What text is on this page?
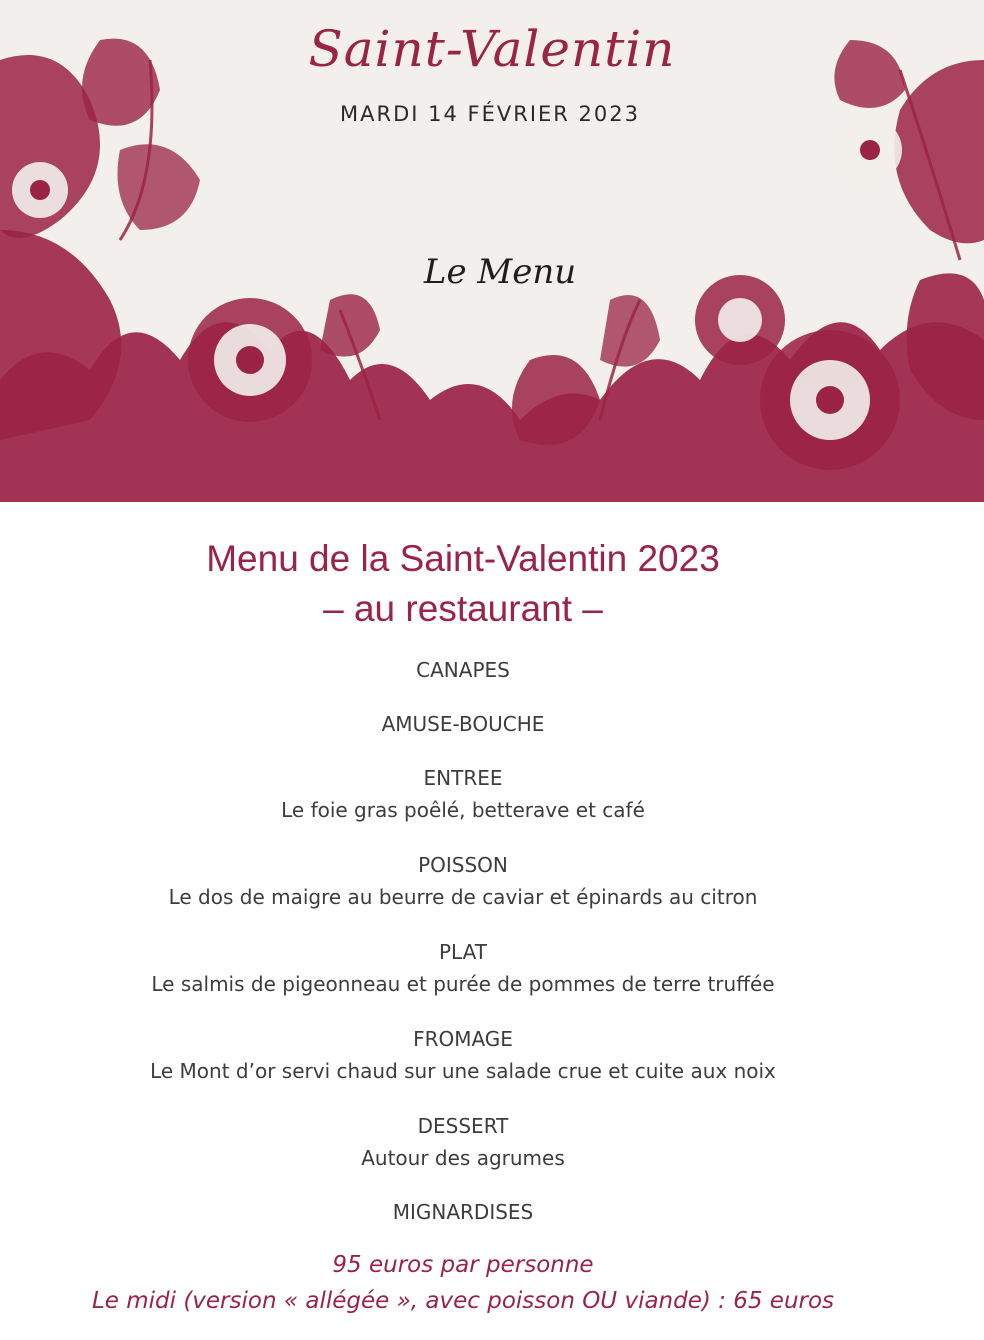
Saint-Valentin
MARDI 14 FÉVRIER 2023
Le Menu
Menu de la Saint-Valentin 2023
– au restaurant –
CANAPES
AMUSE-BOUCHE
ENTREE
Le foie gras poêlé, betterave et café
POISSON
Le dos de maigre au beurre de caviar et épinards au citron
PLAT
Le salmis de pigeonneau et purée de pommes de terre truffée
FROMAGE
Le Mont d’or servi chaud sur une salade crue et cuite aux noix
DESSERT
Autour des agrumes
MIGNARDISES
95 euros par personne
Le midi (version « allégée », avec poisson OU viande) : 65 euros
